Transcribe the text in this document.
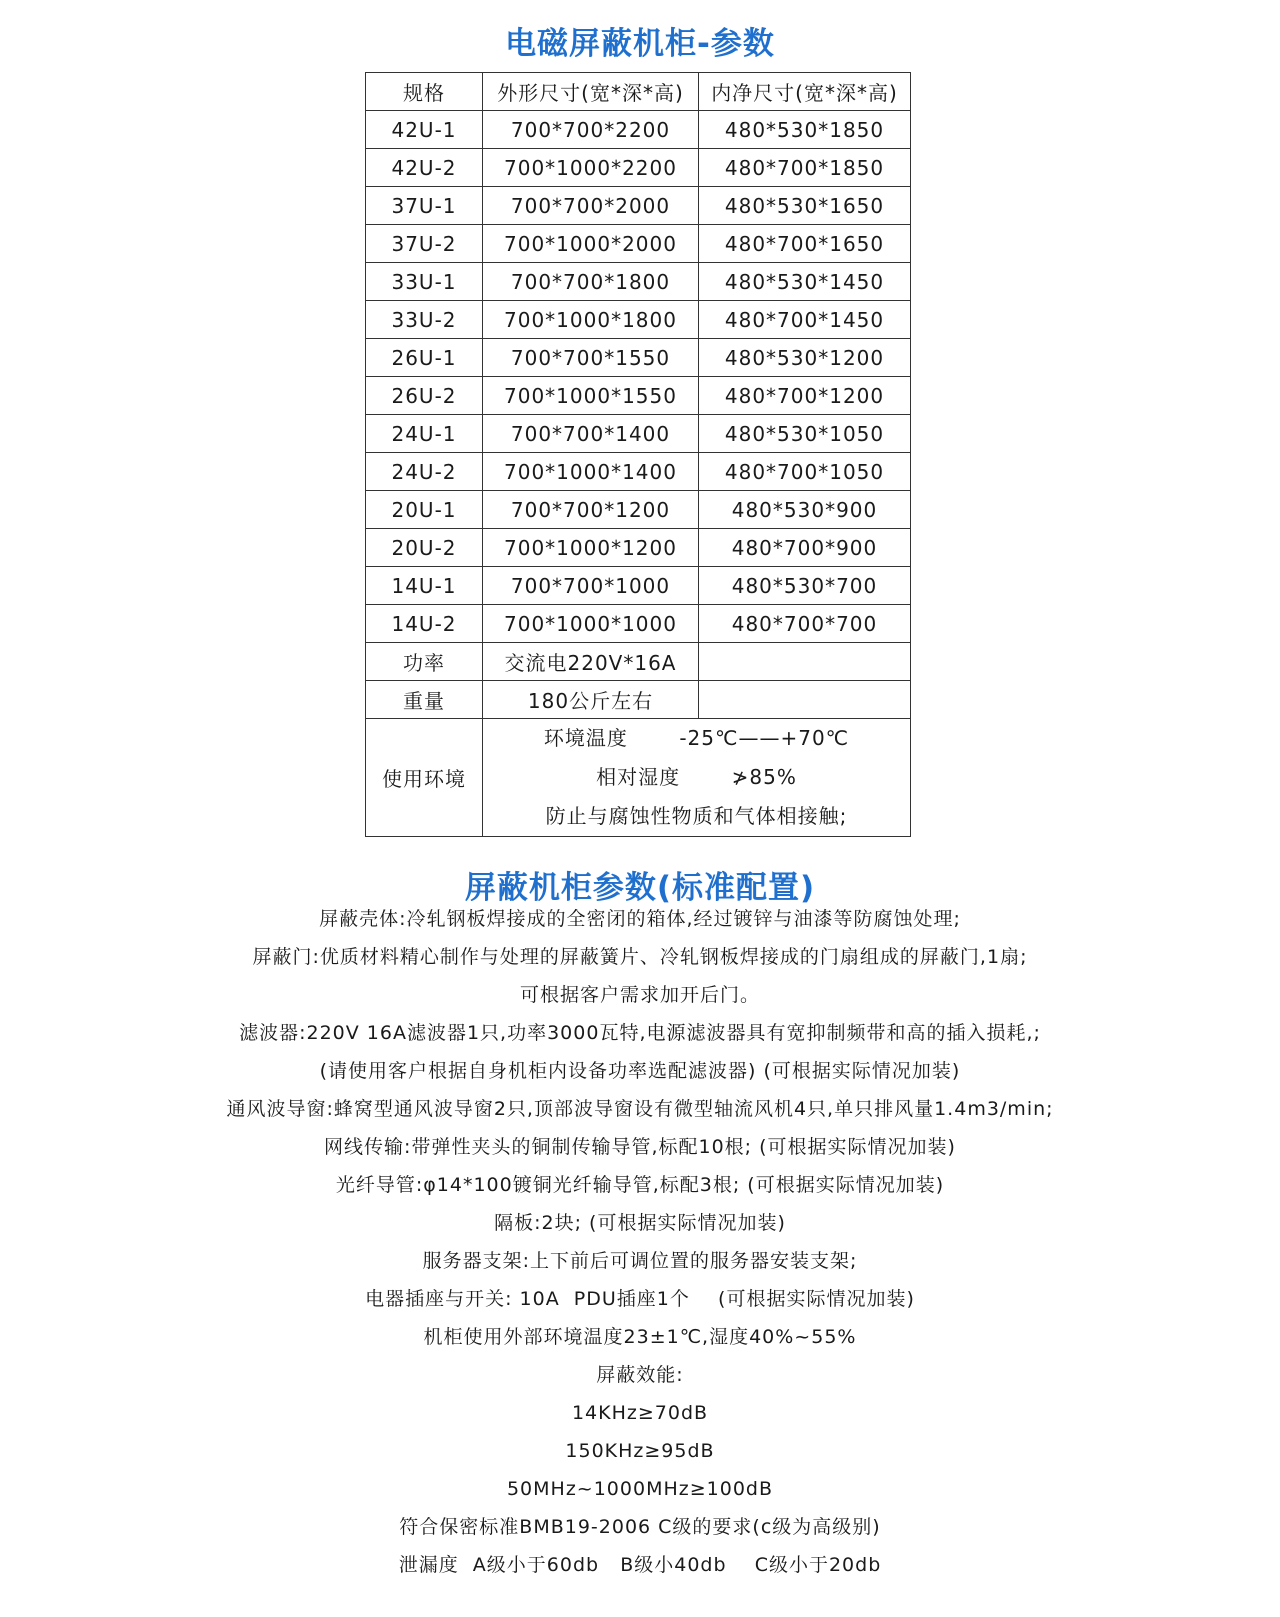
电磁屏蔽机柜-参数
规格	外形尺寸(宽*深*高)	内净尺寸(宽*深*高)
42U-1	700*700*2200	480*530*1850
42U-2	700*1000*2200	480*700*1850
37U-1	700*700*2000	480*530*1650
37U-2	700*1000*2000	480*700*1650
33U-1	700*700*1800	480*530*1450
33U-2	700*1000*1800	480*700*1450
26U-1	700*700*1550	480*530*1200
26U-2	700*1000*1550	480*700*1200
24U-1	700*700*1400	480*530*1050
24U-2	700*1000*1400	480*700*1050
20U-1	700*700*1200	480*530*900
20U-2	700*1000*1200	480*700*900
14U-1	700*700*1000	480*530*700
14U-2	700*1000*1000	480*700*700
功率	交流电220V*16A	
重量	180公斤左右	
使用环境	环境温度       -25℃——+70℃
相对湿度       ≯85%
防止与腐蚀性物质和气体相接触;	
屏蔽机柜参数(标准配置)
屏蔽壳体:冷轧钢板焊接成的全密闭的箱体,经过镀锌与油漆等防腐蚀处理;
屏蔽门:优质材料精心制作与处理的屏蔽簧片、冷轧钢板焊接成的门扇组成的屏蔽门,1扇;
可根据客户需求加开后门。
滤波器:220V 16A滤波器1只,功率3000瓦特,电源滤波器具有宽抑制频带和高的插入损耗,;
(请使用客户根据自身机柜内设备功率选配滤波器) (可根据实际情况加装)
通风波导窗:蜂窝型通风波导窗2只,顶部波导窗设有微型轴流风机4只,单只排风量1.4m3/min;
网线传输:带弹性夹头的铜制传输导管,标配10根; (可根据实际情况加装)
光纤导管:φ14*100镀铜光纤输导管,标配3根; (可根据实际情况加装)
隔板:2块; (可根据实际情况加装)
服务器支架:上下前后可调位置的服务器安装支架;
电器插座与开关: 10A  PDU插座1个    (可根据实际情况加装)
机柜使用外部环境温度23±1℃,湿度40%~55%
屏蔽效能:
14KHz≥70dB
150KHz≥95dB
50MHz~1000MHz≥100dB
符合保密标准BMB19-2006 C级的要求(c级为高级别)
泄漏度  A级小于60db   B级小40db    C级小于20db
